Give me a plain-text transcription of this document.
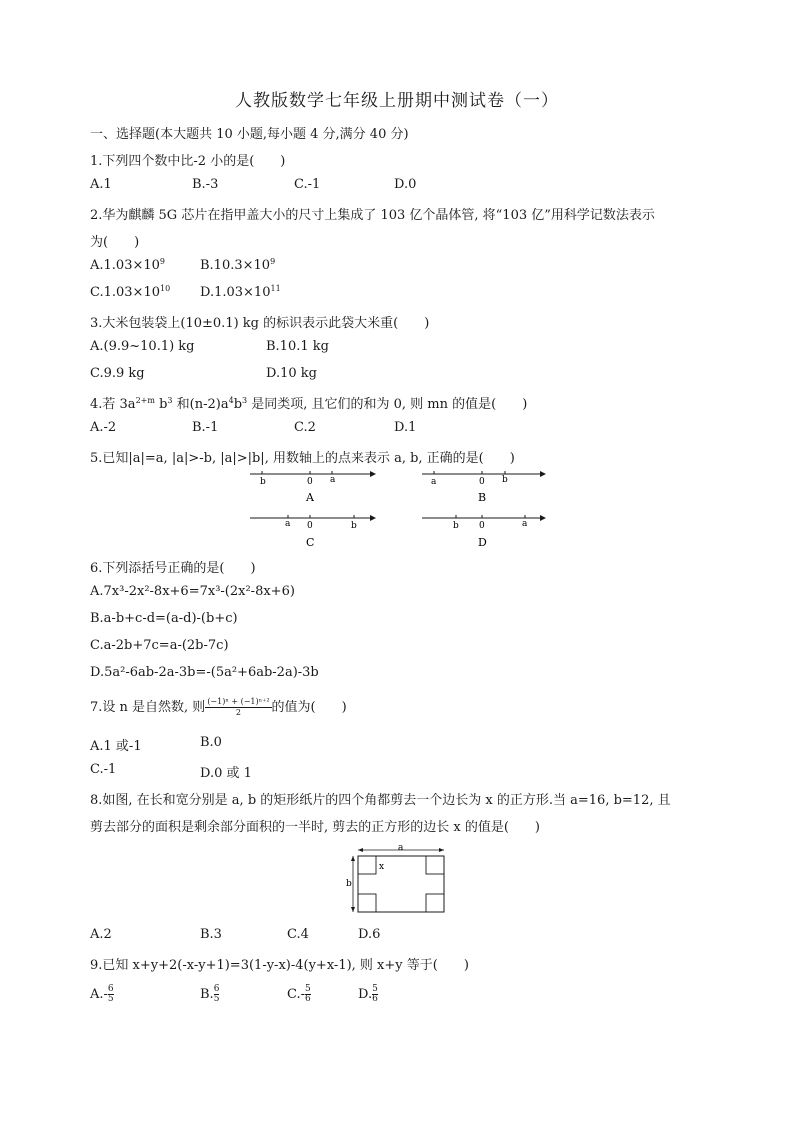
人教版数学七年级上册期中测试卷（一）
一、选择题(本大题共 10 小题,每小题 4 分,满分 40 分)
1.下列四个数中比-2 小的是(　　)
A.1	B.-3	C.-1	D.0
2.华为麒麟 5G 芯片在指甲盖大小的尺寸上集成了 103 亿个晶体管, 将“103 亿”用科学记数法表示
为(　　)
$A.1.03\times 10^9$	$B.10.3\times 10^9$
$C.1.03\times 10^{10}$ $D.1.03\times 10^{11}$
3.大米包装袋上(10±0.1) kg 的标识表示此袋大米重(　　)
A.(9.9~10.1) kg	B.10.1 kg
C.9.9 kg	D.10 kg
4.若 $3a^{2+m}$ $b^3$ 和$(n-2)a^4b^3$ 是同类项, 且它们的和为 0, 则 mn 的值是(　　)
A.-2	B.-1	C.2	D.1
5.已知|a|=a, |a|>-b, |a|>|b|, 用数轴上的点来表示 a, b, 正确的是(　　)
b	0 a
A
a	0 b
B
a 0	b
C
b 0	a
D
6.下列添括号正确的是(　　)
A.7x³-2x²-8x+6=7x³-(2x²-8x+6)
B.a-b+c-d=(a-d)-(b+c)
C.a-2b+7c=a-(2b-7c)
D.5a²-6ab-2a-3b=-(5a²+6ab-2a)-3b
7.设 n 是自然数, 则 $\frac{\text{(−1)ⁿ + (−1)ⁿ⁺²}}{2}$ 的值为(　　)
A.1 或-1	B.0
C.-1	D.0 或 1
8.如图, 在长和宽分别是 a, b 的矩形纸片的四个角都剪去一个边长为 x 的正方形.当 a=16, b=12, 且
剪去部分的面积是剩余部分面积的一半时, 剪去的正方形的边长 x 的值是(　　)
a
b
x
A.2	B.3	C.4	D.6
9.已知 x+y+2(-x-y+1)=3(1-y-x)-4(y+x-1), 则 x+y 等于(　　)
$A.- \frac{6}{5}$	B. $\frac{6}{5}$	$C.- \frac{5}{6}$	D. $\frac{5}{6}$
